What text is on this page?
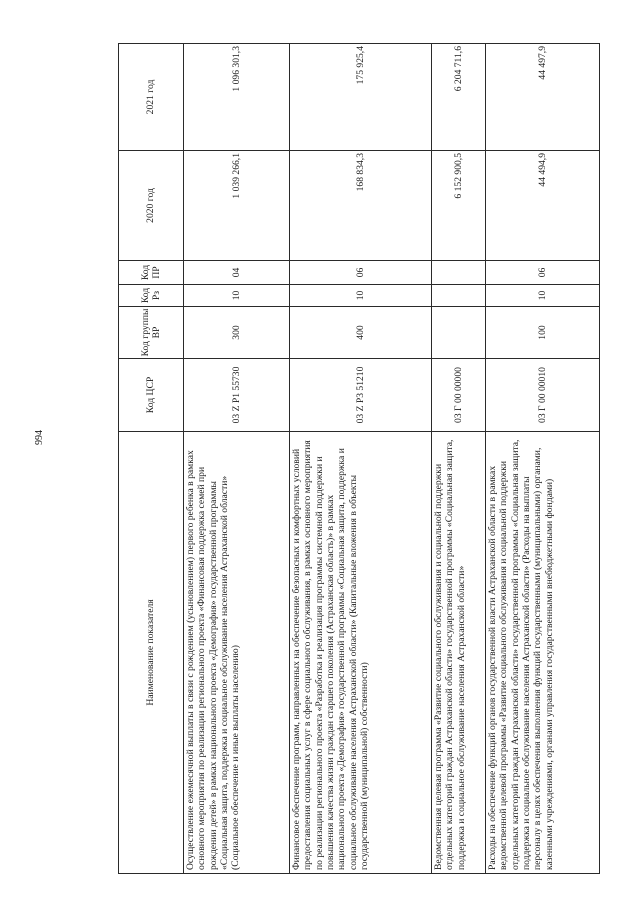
994
Наименование показателя	Код ЦСР	Код группы ВР	Код Рз	Код ПР	2020 год	2021 год
Осуществление ежемесячной выплаты в связи с рождением (усыновлением) первого ребенка в рамках основного мероприятия по реализации регионального проекта «Финансовая поддержка семей при рождении детей» в рамках национального проекта «Демография» государственной программы «Социальная защита, поддержка и социальное обслуживание населения Астраханской области» (Социальное обеспечение и иные выплаты населению)	03 Z P1 55730	300	10	04	1 039 266,1	1 096 301,3
Финансовое обеспечение программ, направленных на обеспечение безопасных и комфортных условий предоставления социальных услуг в сфере социального обслуживания, в рамках основного мероприятия по реализации регионального проекта «Разработка и реализация программы системной поддержки и повышения качества жизни граждан старшего поколения (Астраханская область)» в рамках национального проекта «Демография» государственной программы «Социальная защита, поддержка и социальное обслуживание населения Астраханской области» (Капитальные вложения в объекты государственной (муниципальной) собственности)	03 Z P3 51210	400	10	06	168 834,3	175 925,4
Ведомственная целевая программа «Развитие социального обслуживания и социальной поддержки отдельных категорий граждан Астраханской области» государственной программы «Социальная защита, поддержка и социальное обслуживание населения Астраханской области»	03 Г 00 00000				6 152 900,5	6 204 711,6
Расходы на обеспечение функций органов государственной власти Астраханской области в рамках ведомственной целевой программы «Развитие социального обслуживания и социальной поддержки отдельных категорий граждан Астраханской области» государственной программы «Социальная защита, поддержка и социальное обслуживание населения Астраханской области» (Расходы на выплаты персоналу в целях обеспечения выполнения функций государственными (муниципальными) органами, казенными учреждениями, органами управления государственными внебюджетными фондами)	03 Г 00 00010	100	10	06	44 494,9	44 497,9
